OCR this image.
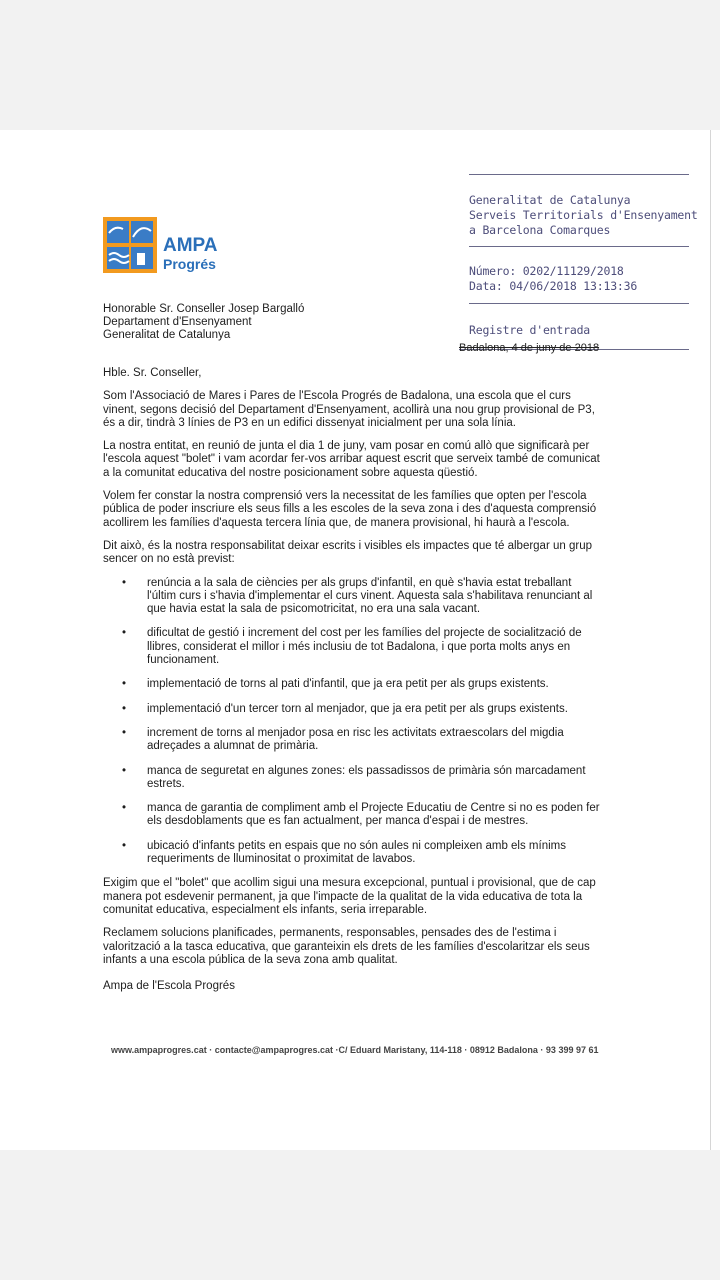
Generalitat de Catalunya
Serveis Territorials d'Ensenyament
a Barcelona Comarques
Número: 0202/11129/2018
Data: 04/06/2018 13:13:36
Registre d'entrada
Badalona, 4 de juny de 2018
AMPA
Progrés
Honorable Sr. Conseller Josep Bargalló
Departament d'Ensenyament
Generalitat de Catalunya

Hble. Sr. Conseller,

Som l'Associació de Mares i Pares de l'Escola Progrés de Badalona, una escola que el curs vinent, segons decisió del Departament d'Ensenyament, acollirà una nou grup provisional de P3, és a dir, tindrà 3 línies de P3 en un edifici dissenyat inicialment per una sola línia.

La nostra entitat, en reunió de junta el dia 1 de juny, vam posar en comú allò que significarà per l'escola aquest "bolet" i vam acordar fer-vos arribar aquest escrit que serveix també de comunicat a la comunitat educativa del nostre posicionament sobre aquesta qüestió.

Volem fer constar la nostra comprensió vers la necessitat de les famílies que opten per l'escola pública de poder inscriure els seus fills a les escoles de la seva zona i des d'aquesta comprensió acollirem les famílies d'aquesta tercera línia que, de manera provisional, hi haurà a l'escola.

Dit això, és la nostra responsabilitat deixar escrits i visibles els impactes que té albergar un grup sencer on no està previst:

• renúncia a la sala de ciències per als grups d'infantil, en què s'havia estat treballant l'últim curs i s'havia d'implementar el curs vinent. Aquesta sala s'habilitava renunciant al que havia estat la sala de psicomotricitat, no era una sala vacant.
• dificultat de gestió i increment del cost per les famílies del projecte de socialització de llibres, considerat el millor i més inclusiu de tot Badalona, i que porta molts anys en funcionament.
• implementació de torns al pati d'infantil, que ja era petit per als grups existents.
• implementació d'un tercer torn al menjador, que ja era petit per als grups existents.
• increment de torns al menjador posa en risc les activitats extraescolars del migdia adreçades a alumnat de primària.
• manca de seguretat en algunes zones: els passadissos de primària són marcadament estrets.
• manca de garantia de compliment amb el Projecte Educatiu de Centre si no es poden fer els desdoblaments que es fan actualment, per manca d'espai i de mestres.
• ubicació d'infants petits en espais que no són aules ni compleixen amb els mínims requeriments de lluminositat o proximitat de lavabos.

Exigim que el "bolet" que acollim sigui una mesura excepcional, puntual i provisional, que de cap manera pot esdevenir permanent, ja que l'impacte de la qualitat de la vida educativa de tota la comunitat educativa, especialment els infants, seria irreparable.

Reclamem solucions planificades, permanents, responsables, pensades des de l'estima i valorització a la tasca educativa, que garanteixin els drets de les famílies d'escolaritzar els seus infants a una escola pública de la seva zona amb qualitat.

Ampa de l'Escola Progrés
www.ampaprogres.cat · contacte@ampaprogres.cat ·C/ Eduard Maristany, 114-118 · 08912 Badalona · 93 399 97 61
